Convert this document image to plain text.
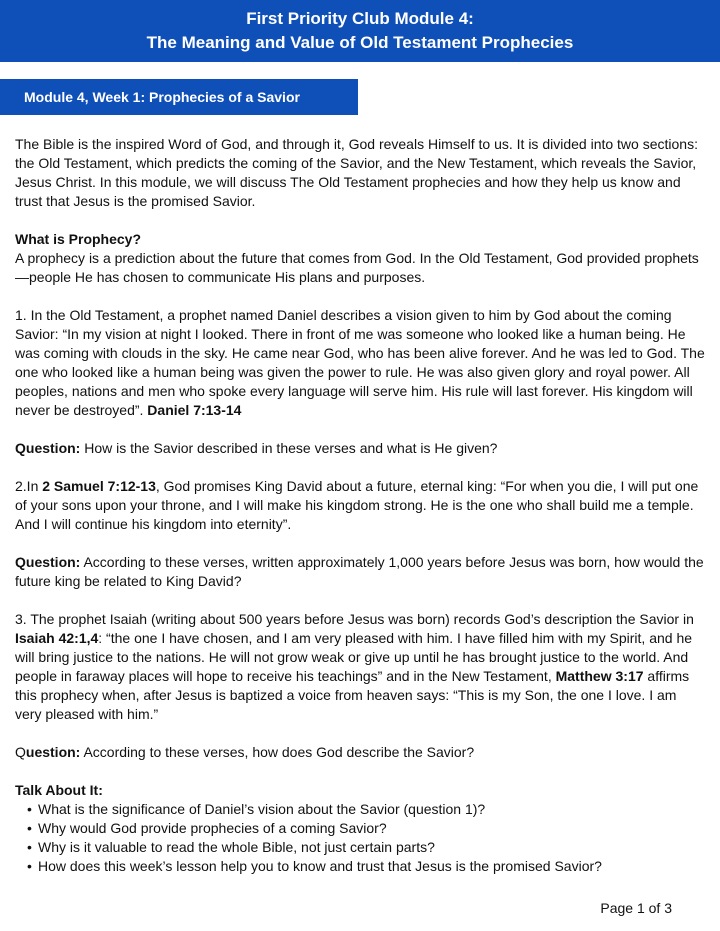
First Priority Club Module 4:
The Meaning and Value of Old Testament Prophecies
Module 4, Week 1: Prophecies of a Savior

The Bible is the inspired Word of God, and through it, God reveals Himself to us. It is divided into two sections: the Old Testament, which predicts the coming of the Savior, and the New Testament, which reveals the Savior, Jesus Christ. In this module, we will discuss The Old Testament prophecies and how they help us know and trust that Jesus is the promised Savior.

What is Prophecy?

A prophecy is a prediction about the future that comes from God. In the Old Testament, God provided prophets—people He has chosen to communicate His plans and purposes.

1. In the Old Testament, a prophet named Daniel describes a vision given to him by God about the coming Savior: “In my vision at night I looked. There in front of me was someone who looked like a human being. He was coming with clouds in the sky. He came near God, who has been alive forever. And he was led to God. The one who looked like a human being was given the power to rule. He was also given glory and royal power. All peoples, nations and men who spoke every language will serve him. His rule will last forever. His kingdom will never be destroyed”. Daniel 7:13-14

Question: How is the Savior described in these verses and what is He given?

2.In 2 Samuel 7:12-13, God promises King David about a future, eternal king: “For when you die, I will put one of your sons upon your throne, and I will make his kingdom strong. He is the one who shall build me a temple. And I will continue his kingdom into eternity”.

Question: According to these verses, written approximately 1,000 years before Jesus was born, how would the future king be related to King David?

3. The prophet Isaiah (writing about 500 years before Jesus was born) records God’s description the Savior in Isaiah 42:1,4: “the one I have chosen, and I am very pleased with him. I have filled him with my Spirit, and he will bring justice to the nations. He will not grow weak or give up until he has brought justice to the world. And people in faraway places will hope to receive his teachings” and in the New Testament, Matthew 3:17 affirms this prophecy when, after Jesus is baptized a voice from heaven says: “This is my Son, the one I love. I am very pleased with him.”

Question: According to these verses, how does God describe the Savior?

Talk About It:

• What is the significance of Daniel’s vision about the Savior (question 1)?
• Why would God provide prophecies of a coming Savior?
• Why is it valuable to read the whole Bible, not just certain parts?
• How does this week’s lesson help you to know and trust that Jesus is the promised Savior?
Page 1 of 3
